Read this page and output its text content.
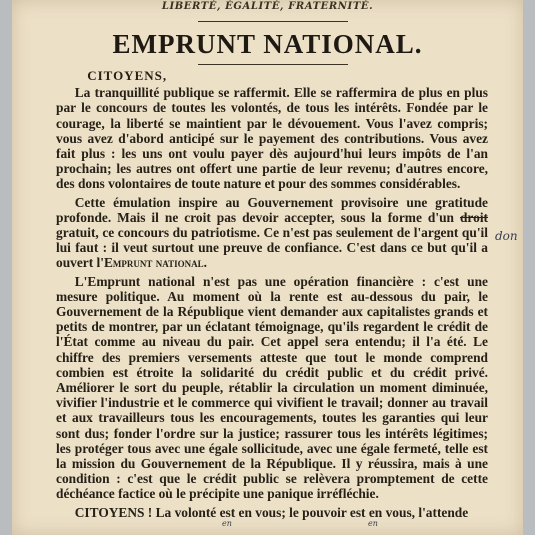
LIBERTÉ, ÉGALITÉ, FRATERNITÉ.
EMPRUNT NATIONAL.

CITOYENS,

La tranquillité publique se raffermit. Elle se raffermira de plus en plus par le concours de toutes les volontés, de tous les intérêts. Fondée par le courage, la liberté se maintient par le dévouement. Vous l'avez compris; vous avez d'abord anticipé sur le payement des contributions. Vous avez fait plus : les uns ont voulu payer dès aujourd'hui leurs impôts de l'an prochain; les autres ont offert une partie de leur revenu; d'autres encore, des dons volontaires de toute nature et pour des sommes considérables.

Cette émulation inspire au Gouvernement provisoire une gratitude profonde. Mais il ne croit pas devoir accepter, sous la forme d'un droit gratuit, ce concours du patriotisme. Ce n'est pas seulement de l'argent qu'il lui faut : il veut surtout une preuve de confiance. C'est dans ce but qu'il a ouvert l'Emprunt national.

L'Emprunt national n'est pas une opération financière : c'est une mesure politique. Au moment où la rente est au-dessous du pair, le Gouvernement de la République vient demander aux capitalistes grands et petits de montrer, par un éclatant témoignage, qu'ils regardent le crédit de l'État comme au niveau du pair. Cet appel sera entendu; il l'a été. Le chiffre des premiers versements atteste que tout le monde comprend combien est étroite la solidarité du crédit public et du crédit privé. Améliorer le sort du peuple, rétablir la circulation un moment diminuée, vivifier l'industrie et le commerce qui vivifient le travail; donner au travail et aux travailleurs tous les encouragements, toutes les garanties qui leur sont dus; fonder l'ordre sur la justice; rassurer tous les intérêts légitimes; les protéger tous avec une égale sollicitude, avec une égale fermeté, telle est la mission du Gouvernement de la République. Il y réussira, mais à une condition : c'est que le crédit public se relèvera promptement de cette déchéance factice où le précipite une panique irréfléchie.

CITOYENS ! La volonté est en vous; le pouvoir est en vous, l'attende

don
en	en
